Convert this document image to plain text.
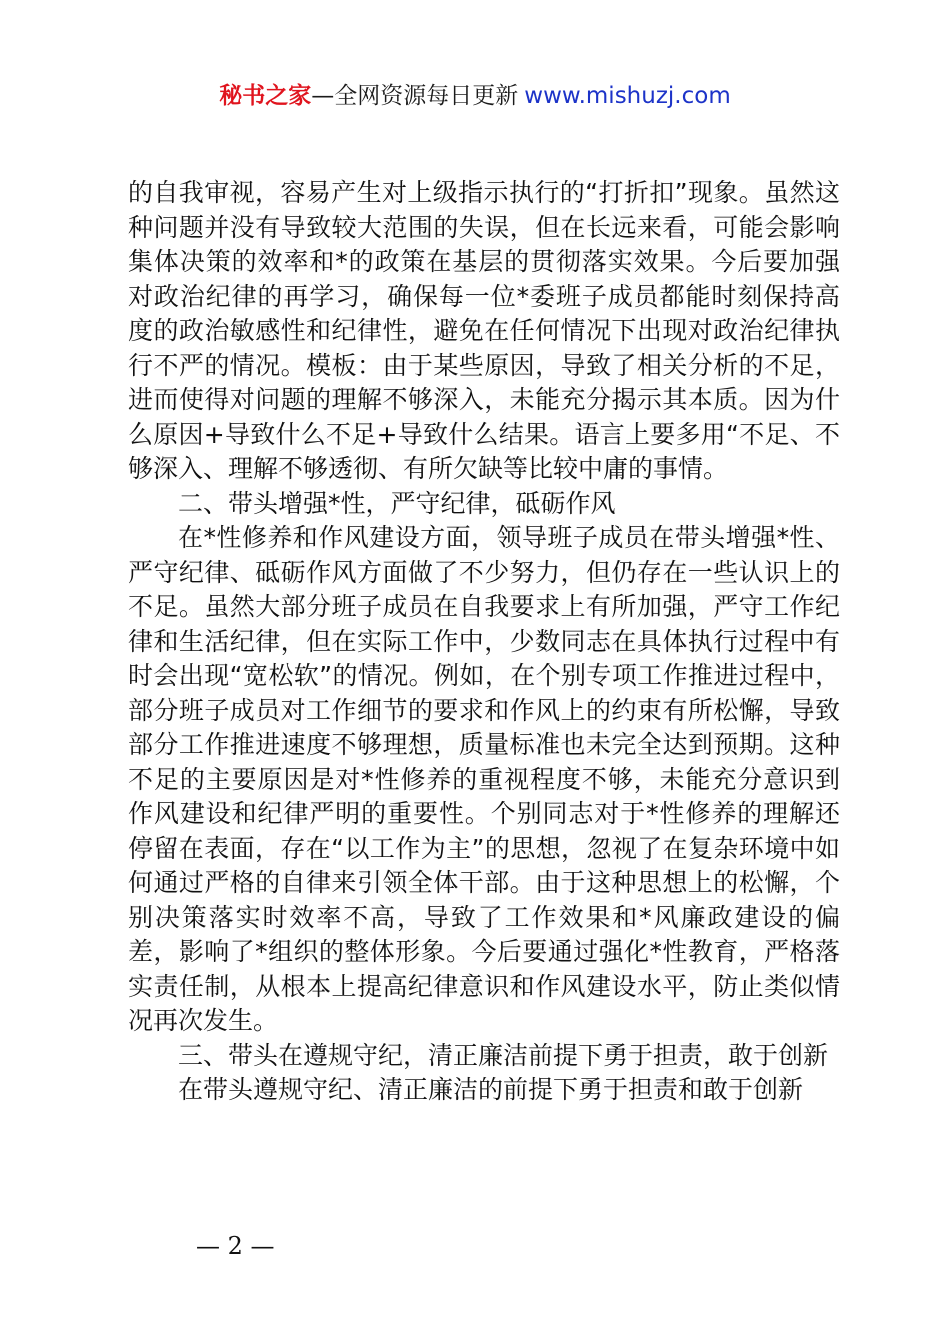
秘书之家—全网资源每日更新 www.mishuzj.com

的自我审视，容易产生对上级指示执行的“打折扣”现象。虽然这种问题并没有导致较大范围的失误，但在长远来看，可能会影响集体决策的效率和*的政策在基层的贯彻落实效果。今后要加强对政治纪律的再学习，确保每一位*委班子成员都能时刻保持高度的政治敏感性和纪律性，避免在任何情况下出现对政治纪律执行不严的情况。模板：由于某些原因，导致了相关分析的不足，进而使得对问题的理解不够深入，未能充分揭示其本质。因为什么原因+导致什么不足+导致什么结果。语言上要多用“不足、不够深入、理解不够透彻、有所欠缺等比较中庸的事情。

二、带头增强*性，严守纪律，砥砺作风

在*性修养和作风建设方面，领导班子成员在带头增强*性、严守纪律、砥砺作风方面做了不少努力，但仍存在一些认识上的不足。虽然大部分班子成员在自我要求上有所加强，严守工作纪律和生活纪律，但在实际工作中，少数同志在具体执行过程中有时会出现“宽松软”的情况。例如，在个别专项工作推进过程中，部分班子成员对工作细节的要求和作风上的约束有所松懈，导致部分工作推进速度不够理想，质量标准也未完全达到预期。这种不足的主要原因是对*性修养的重视程度不够，未能充分意识到作风建设和纪律严明的重要性。个别同志对于*性修养的理解还停留在表面，存在“以工作为主”的思想，忽视了在复杂环境中如何通过严格的自律来引领全体干部。由于这种思想上的松懈，个别决策落实时效率不高，导致了工作效果和*风廉政建设的偏差，影响了*组织的整体形象。今后要通过强化*性教育，严格落实责任制，从根本上提高纪律意识和作风建设水平，防止类似情况再次发生。

三、带头在遵规守纪，清正廉洁前提下勇于担责，敢于创新

在带头遵规守纪、清正廉洁的前提下勇于担责和敢于创新

— 2 —
